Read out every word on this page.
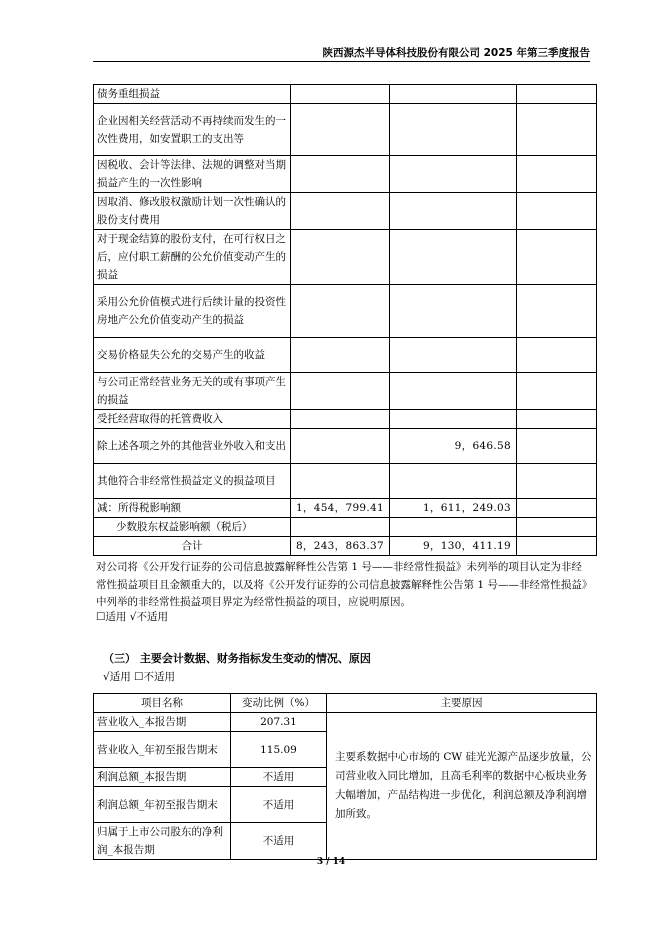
陕西源杰半导体科技股份有限公司 2025 年第三季度报告
债务重组损益			
企业因相关经营活动不再持续而发生的一次性费用，如安置职工的支出等			
因税收、会计等法律、法规的调整对当期损益产生的一次性影响			
因取消、修改股权激励计划一次性确认的股份支付费用			
对于现金结算的股份支付，在可行权日之后，应付职工薪酬的公允价值变动产生的损益			
采用公允价值模式进行后续计量的投资性房地产公允价值变动产生的损益			
交易价格显失公允的交易产生的收益			
与公司正常经营业务无关的或有事项产生的损益			
受托经营取得的托管费收入			
除上述各项之外的其他营业外收入和支出		9，646.58	
其他符合非经常性损益定义的损益项目			
减：所得税影响额	1，454，799.41	1，611，249.03	
少数股东权益影响额（税后）			
合计	8，243，863.37	9，130，411.19	
对公司将《公开发行证券的公司信息披露解释性公告第 1 号——非经常性损益》未列举的项目认定为非经常性损益项目且金额重大的，以及将《公开发行证券的公司信息披露解释性公告第 1 号——非经常性损益》中列举的非经常性损益项目界定为经常性损益的项目，应说明原因。
☐适用 √不适用
（三） 主要会计数据、财务指标发生变动的情况、原因
√适用 ☐不适用
项目名称	变动比例（%）	主要原因
营业收入_本报告期	207.31	主要系数据中心市场的 CW 硅光光源产品逐步放量，公司营业收入同比增加，且高毛利率的数据中心板块业务大幅增加，产品结构进一步优化，利润总额及净利润增加所致。
营业收入_年初至报告期末	115.09	
利润总额_本报告期	不适用	
利润总额_年初至报告期末	不适用	
归属于上市公司股东的净利润_本报告期	不适用	
3 / 14
